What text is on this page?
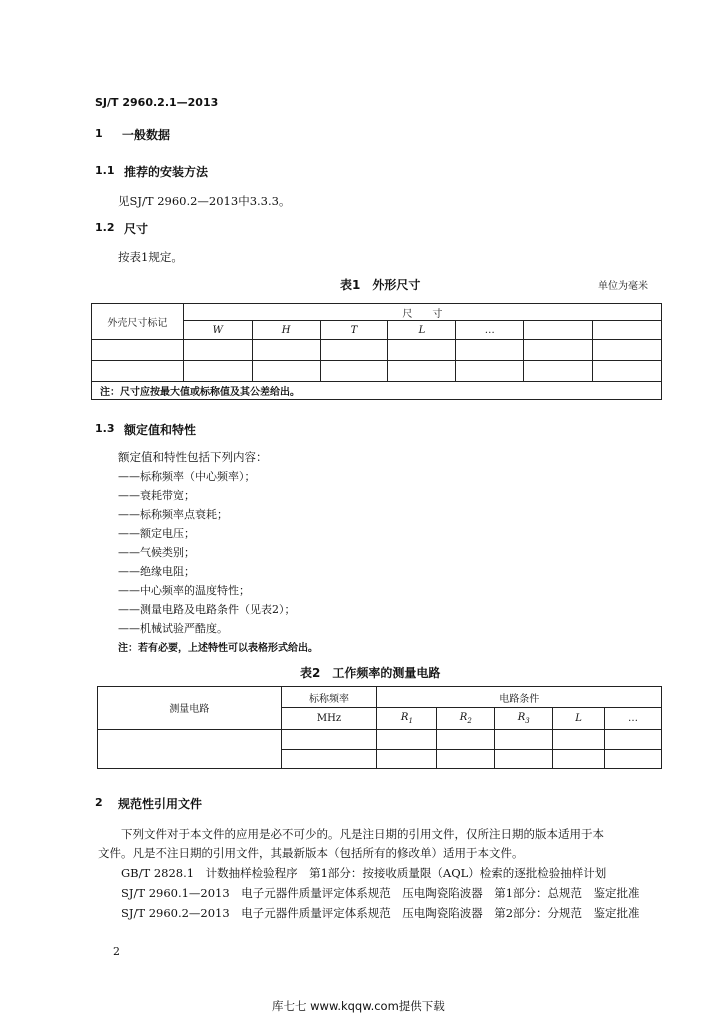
SJ/T 2960.2.1—2013
1 一般数据
1.1 推荐的安装方法
见SJ/T 2960.2—2013中3.3.3。
1.2 尺寸
按表1规定。
表1　外形尺寸	单位为毫米
外壳尺寸标记	尺　　寸						
	W	H	T	L	…		

注：尺寸应按最大值或标称值及其公差给出。							
1.3 额定值和特性
额定值和特性包括下列内容：
——标称频率（中心频率）；
——衰耗带宽；
——标称频率点衰耗；
——额定电压；
——气候类别；
——绝缘电阻；
——中心频率的温度特性；
——测量电路及电路条件（见表2）；
——机械试验严酷度。
注：若有必要，上述特性可以表格形式给出。
表2　工作频率的测量电路
测量电路	标称频率	电路条件				
	MHz	$R_1$	$R_2$	$R_3$	L	…

2 规范性引用文件
下列文件对于本文件的应用是必不可少的。凡是注日期的引用文件，仅所注日期的版本适用于本
文件。凡是不注日期的引用文件，其最新版本（包括所有的修改单）适用于本文件。
GB/T 2828.1　计数抽样检验程序　第1部分：按接收质量限（AQL）检索的逐批检验抽样计划
SJ/T 2960.1—2013　电子元器件质量评定体系规范　压电陶瓷陷波器　第1部分：总规范　鉴定批准
SJ/T 2960.2—2013　电子元器件质量评定体系规范　压电陶瓷陷波器　第2部分：分规范　鉴定批准
2
库七七 www.kqqw.com提供下载
